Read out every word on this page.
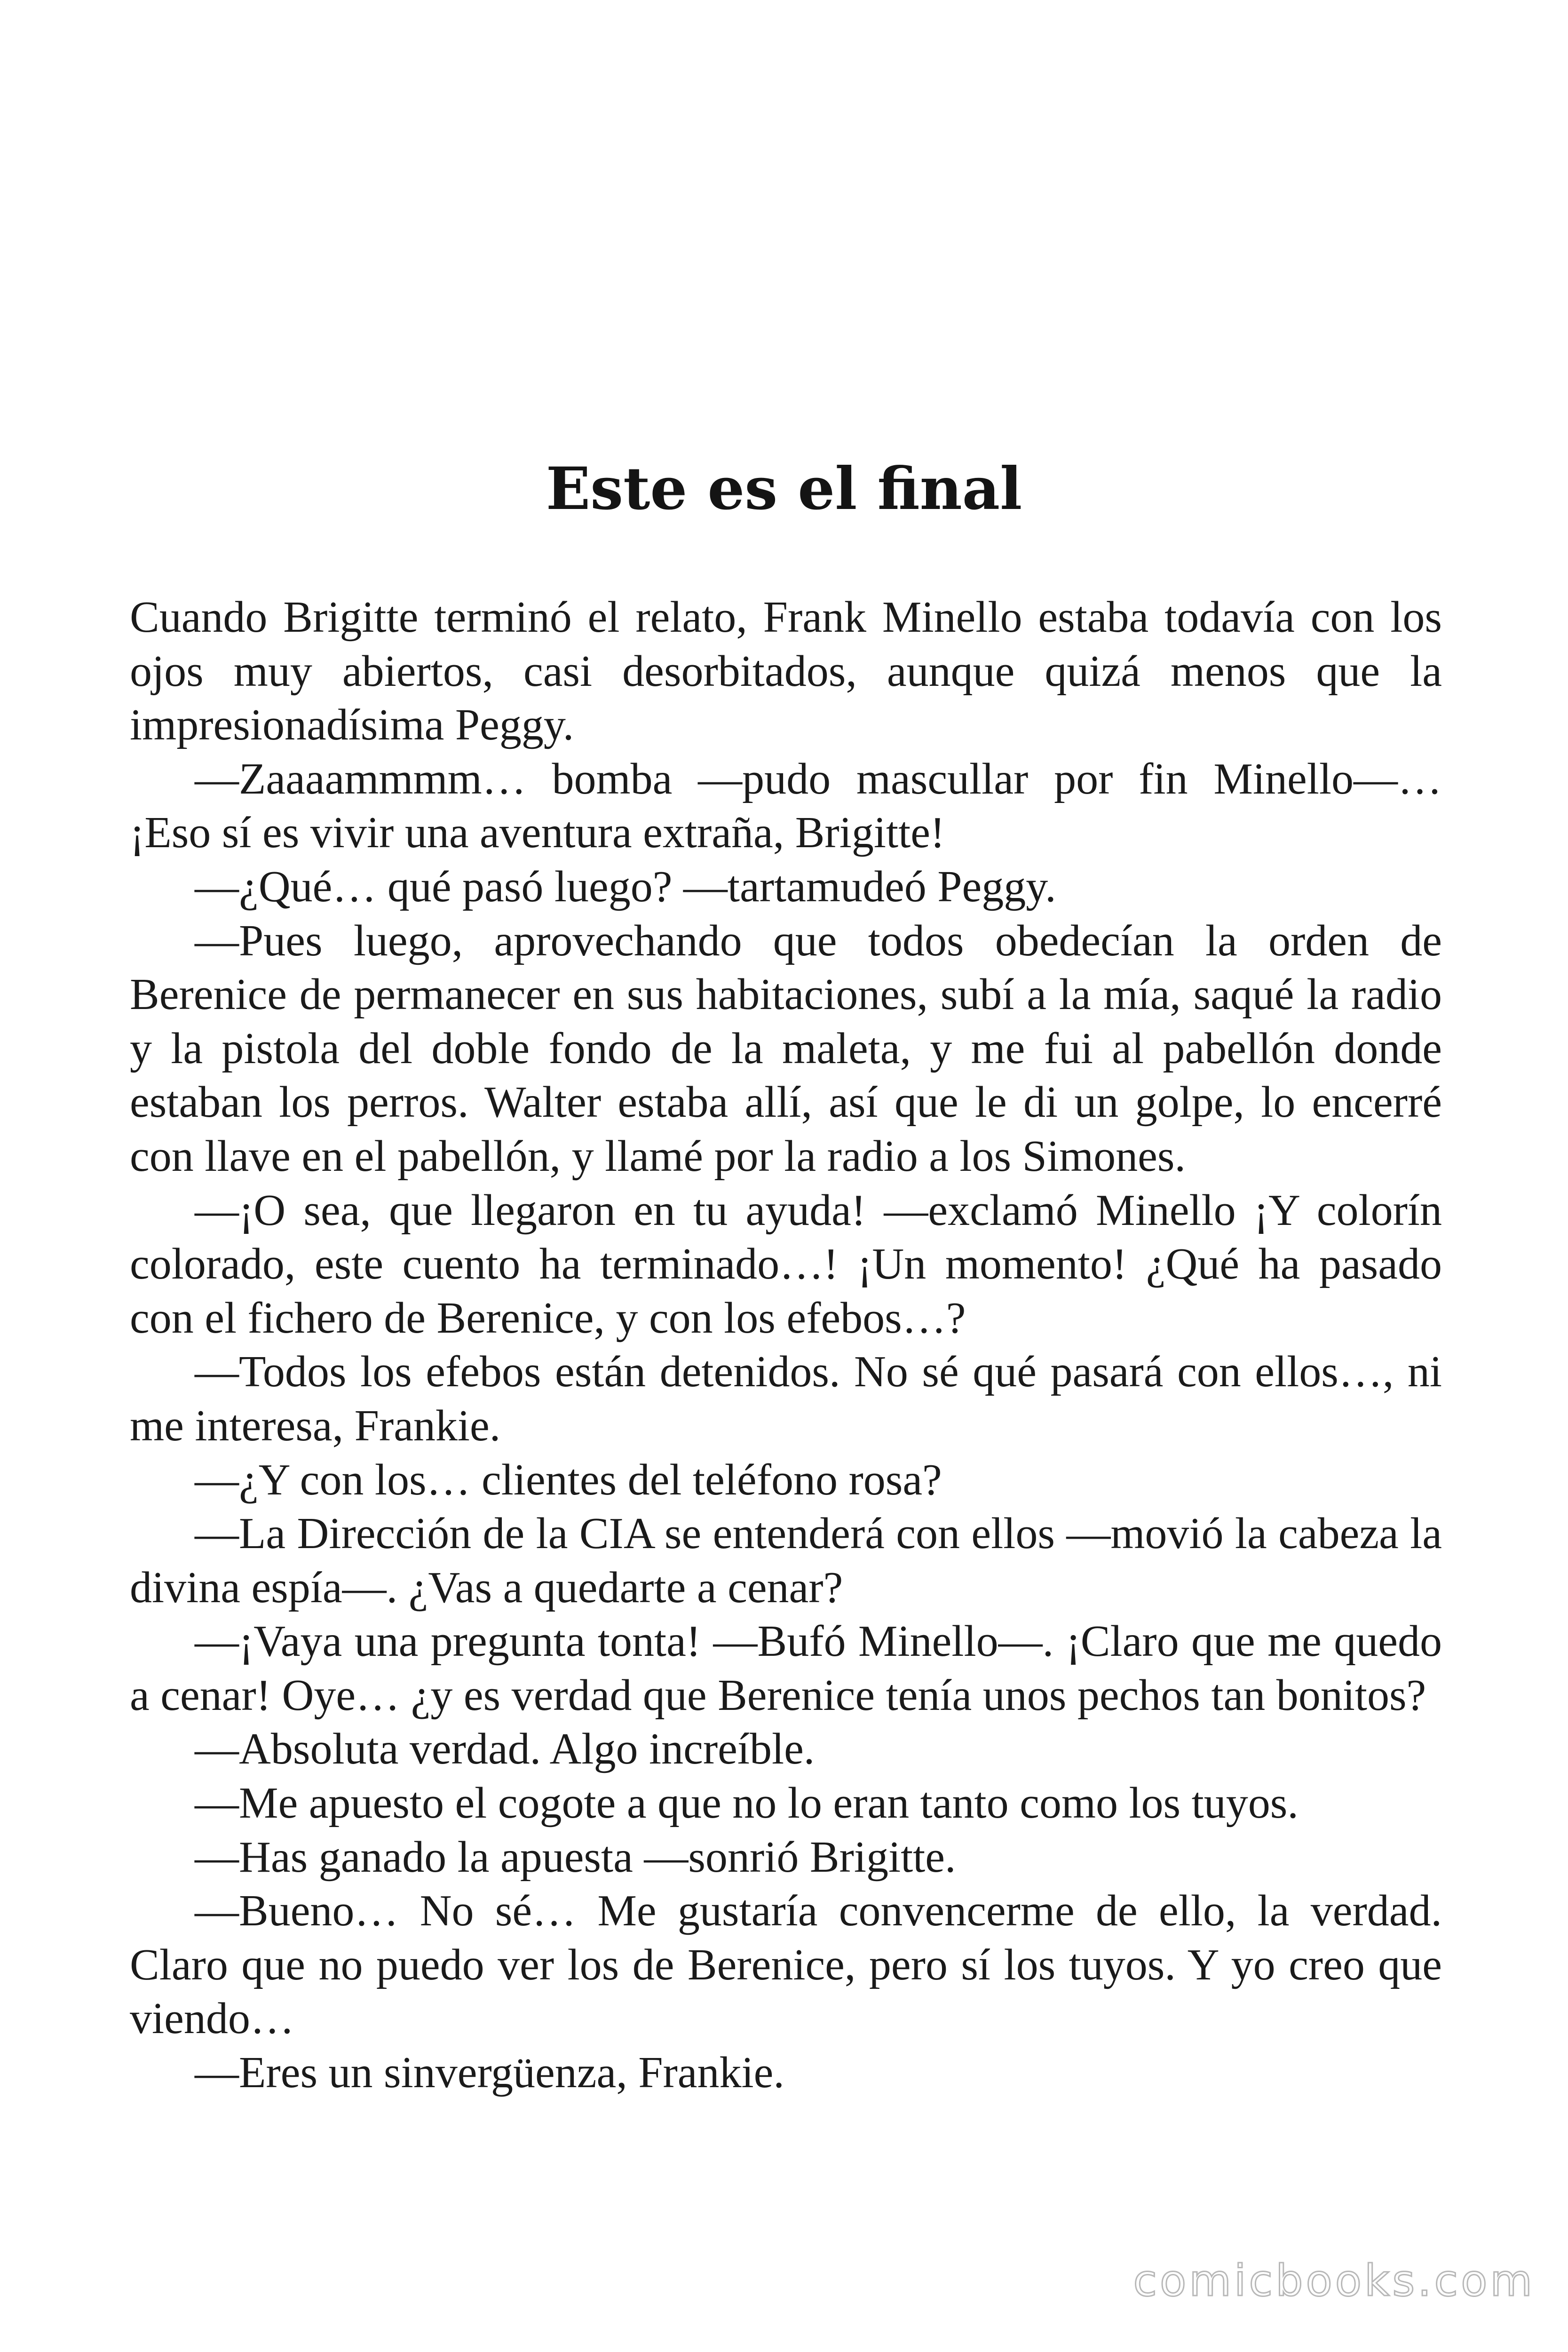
Este es el final

Cuando Brigitte terminó el relato, Frank Minello estaba todavía con los ojos muy abiertos, casi desorbitados, aunque quizá menos que la impresionadísima Peggy.

—Zaaaammmm… bomba —pudo mascullar por fin Minello—… ¡Eso sí es vivir una aventura extraña, Brigitte!

—¿Qué… qué pasó luego? —tartamudeó Peggy.

—Pues luego, aprovechando que todos obedecían la orden de Berenice de permanecer en sus habitaciones, subí a la mía, saqué la radio y la pistola del doble fondo de la maleta, y me fui al pabellón donde estaban los perros. Walter estaba allí, así que le di un golpe, lo encerré con llave en el pabellón, y llamé por la radio a los Simones.

—¡O sea, que llegaron en tu ayuda! —exclamó Minello ¡Y colorín colorado, este cuento ha terminado…! ¡Un momento! ¿Qué ha pasado con el fichero de Berenice, y con los efebos…?

—Todos los efebos están detenidos. No sé qué pasará con ellos…, ni me interesa, Frankie.

—¿Y con los… clientes del teléfono rosa?

—La Dirección de la CIA se entenderá con ellos —movió la cabeza la divina espía—. ¿Vas a quedarte a cenar?

—¡Vaya una pregunta tonta! —Bufó Minello—. ¡Claro que me quedo a cenar! Oye… ¿y es verdad que Berenice tenía unos pechos tan bonitos?

—Absoluta verdad. Algo increíble.

—Me apuesto el cogote a que no lo eran tanto como los tuyos.

—Has ganado la apuesta —sonrió Brigitte.

—Bueno… No sé… Me gustaría convencerme de ello, la verdad. Claro que no puedo ver los de Berenice, pero sí los tuyos. Y yo creo que viendo…

—Eres un sinvergüenza, Frankie.

comicbooks.com
